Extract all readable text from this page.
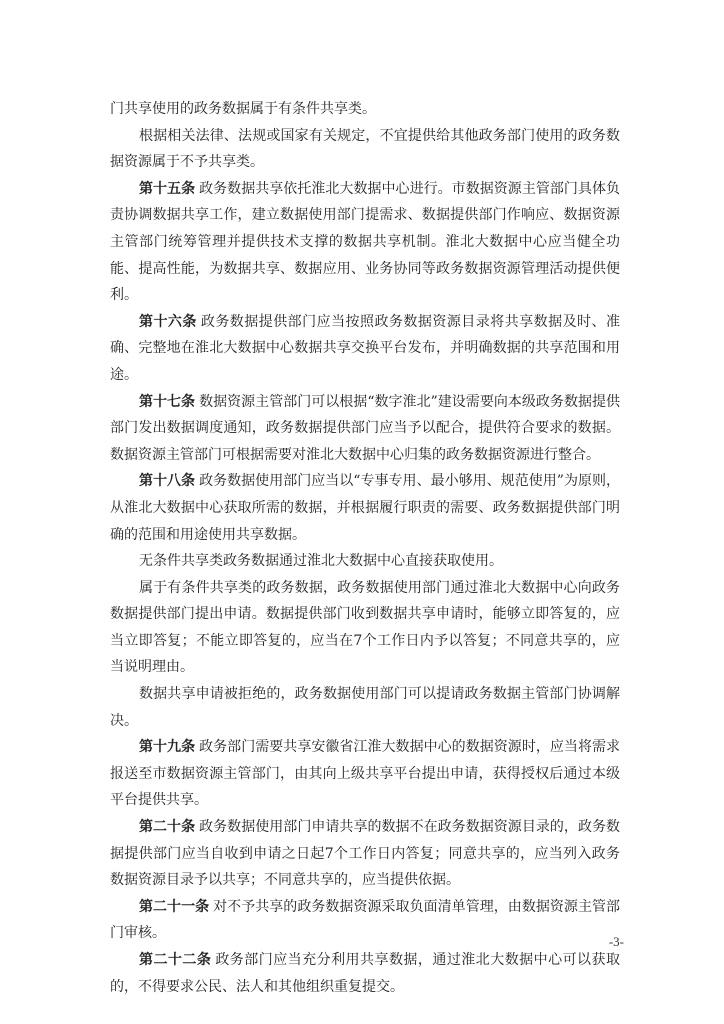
门共享使用的政务数据属于有条件共享类。

根据相关法律、法规或国家有关规定，不宜提供给其他政务部门使用的政务数据资源属于不予共享类。

第十五条 政务数据共享依托淮北大数据中心进行。市数据资源主管部门具体负责协调数据共享工作，建立数据使用部门提需求、数据提供部门作响应、数据资源主管部门统筹管理并提供技术支撑的数据共享机制。淮北大数据中心应当健全功能、提高性能，为数据共享、数据应用、业务协同等政务数据资源管理活动提供便利。

第十六条 政务数据提供部门应当按照政务数据资源目录将共享数据及时、准确、完整地在淮北大数据中心数据共享交换平台发布，并明确数据的共享范围和用途。

第十七条 数据资源主管部门可以根据“数字淮北”建设需要向本级政务数据提供部门发出数据调度通知，政务数据提供部门应当予以配合，提供符合要求的数据。数据资源主管部门可根据需要对淮北大数据中心归集的政务数据资源进行整合。

第十八条 政务数据使用部门应当以“专事专用、最小够用、规范使用”为原则，从淮北大数据中心获取所需的数据，并根据履行职责的需要、政务数据提供部门明确的范围和用途使用共享数据。

无条件共享类政务数据通过淮北大数据中心直接获取使用。

属于有条件共享类的政务数据，政务数据使用部门通过淮北大数据中心向政务数据提供部门提出申请。数据提供部门收到数据共享申请时，能够立即答复的，应当立即答复；不能立即答复的，应当在7个工作日内予以答复；不同意共享的，应当说明理由。

数据共享申请被拒绝的，政务数据使用部门可以提请政务数据主管部门协调解决。

第十九条 政务部门需要共享安徽省江淮大数据中心的数据资源时，应当将需求报送至市数据资源主管部门，由其向上级共享平台提出申请，获得授权后通过本级平台提供共享。

第二十条 政务数据使用部门申请共享的数据不在政务数据资源目录的，政务数据提供部门应当自收到申请之日起7个工作日内答复；同意共享的，应当列入政务数据资源目录予以共享；不同意共享的，应当提供依据。

第二十一条 对不予共享的政务数据资源采取负面清单管理，由数据资源主管部门审核。

第二十二条 政务部门应当充分利用共享数据，通过淮北大数据中心可以获取的，不得要求公民、法人和其他组织重复提交。

-3-
